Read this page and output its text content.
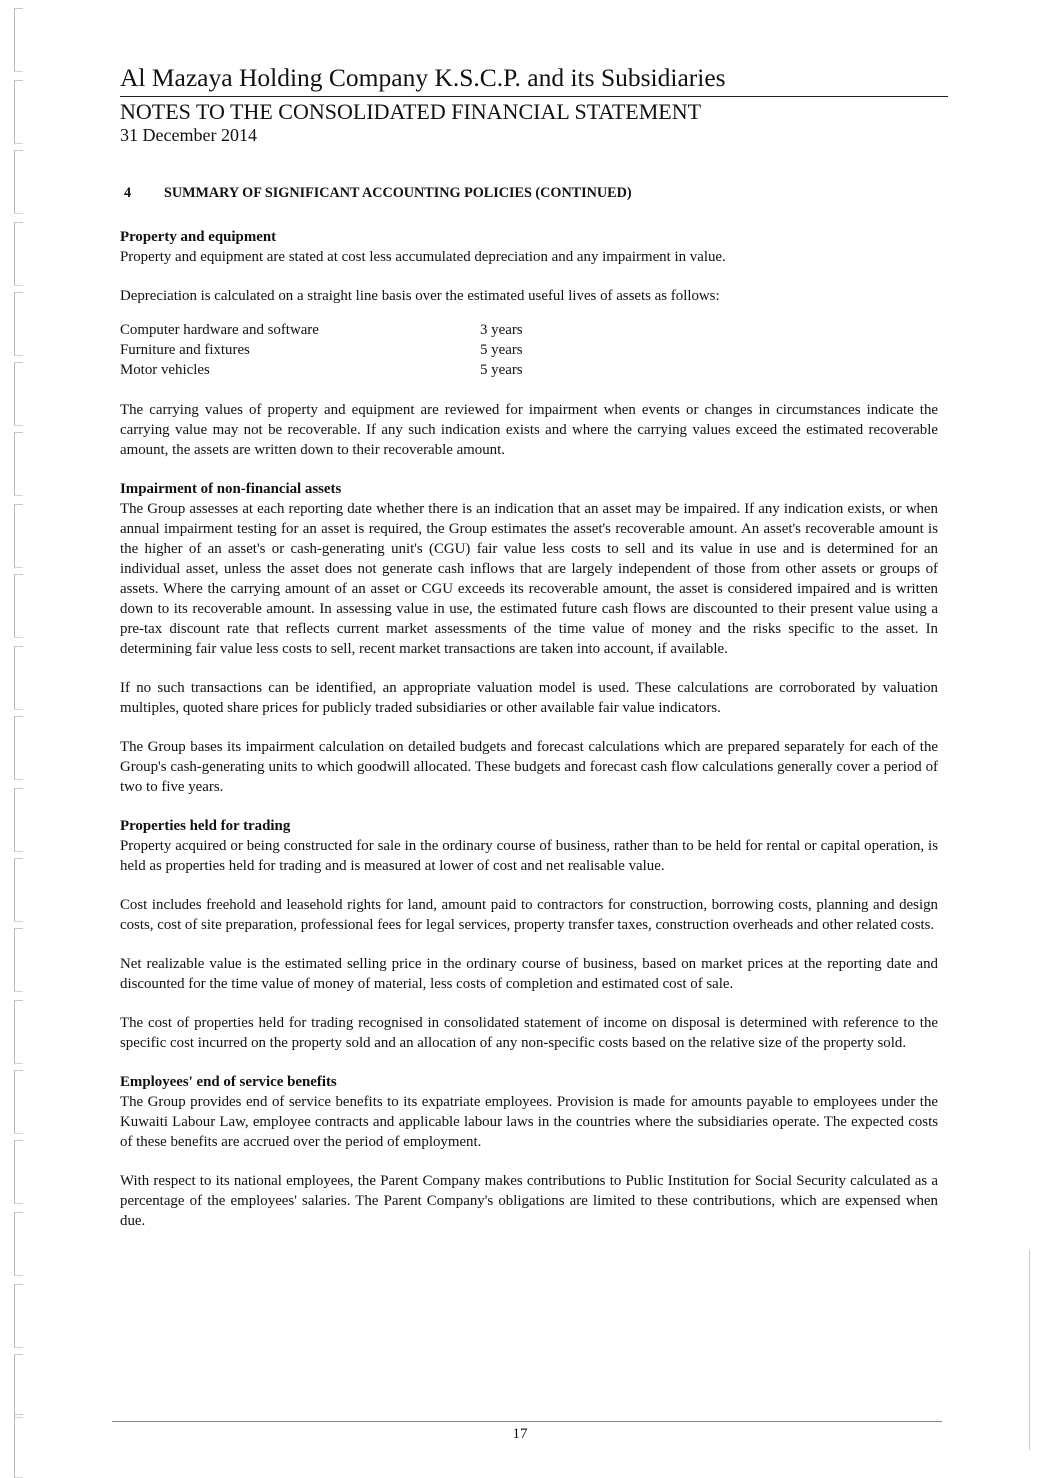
Al Mazaya Holding Company K.S.C.P. and its Subsidiaries
NOTES TO THE CONSOLIDATED FINANCIAL STATEMENT
31 December 2014
4	SUMMARY OF SIGNIFICANT ACCOUNTING POLICIES (CONTINUED)
Property and equipment

Property and equipment are stated at cost less accumulated depreciation and any impairment in value.

Depreciation is calculated on a straight line basis over the estimated useful lives of assets as follows:

Computer hardware and software	3 years
Furniture and fixtures	5 years
Motor vehicles	5 years

The carrying values of property and equipment are reviewed for impairment when events or changes in circumstances indicate the carrying value may not be recoverable. If any such indication exists and where the carrying values exceed the estimated recoverable amount, the assets are written down to their recoverable amount.

Impairment of non-financial assets

The Group assesses at each reporting date whether there is an indication that an asset may be impaired. If any indication exists, or when annual impairment testing for an asset is required, the Group estimates the asset's recoverable amount. An asset's recoverable amount is the higher of an asset's or cash-generating unit's (CGU) fair value less costs to sell and its value in use and is determined for an individual asset, unless the asset does not generate cash inflows that are largely independent of those from other assets or groups of assets. Where the carrying amount of an asset or CGU exceeds its recoverable amount, the asset is considered impaired and is written down to its recoverable amount. In assessing value in use, the estimated future cash flows are discounted to their present value using a pre-tax discount rate that reflects current market assessments of the time value of money and the risks specific to the asset. In determining fair value less costs to sell, recent market transactions are taken into account, if available.

If no such transactions can be identified, an appropriate valuation model is used. These calculations are corroborated by valuation multiples, quoted share prices for publicly traded subsidiaries or other available fair value indicators.

The Group bases its impairment calculation on detailed budgets and forecast calculations which are prepared separately for each of the Group's cash-generating units to which goodwill allocated. These budgets and forecast cash flow calculations generally cover a period of two to five years.

Properties held for trading

Property acquired or being constructed for sale in the ordinary course of business, rather than to be held for rental or capital operation, is held as properties held for trading and is measured at lower of cost and net realisable value.

Cost includes freehold and leasehold rights for land, amount paid to contractors for construction, borrowing costs, planning and design costs, cost of site preparation, professional fees for legal services, property transfer taxes, construction overheads and other related costs.

Net realizable value is the estimated selling price in the ordinary course of business, based on market prices at the reporting date and discounted for the time value of money of material, less costs of completion and estimated cost of sale.

The cost of properties held for trading recognised in consolidated statement of income on disposal is determined with reference to the specific cost incurred on the property sold and an allocation of any non-specific costs based on the relative size of the property sold.

Employees' end of service benefits

The Group provides end of service benefits to its expatriate employees. Provision is made for amounts payable to employees under the Kuwaiti Labour Law, employee contracts and applicable labour laws in the countries where the subsidiaries operate. The expected costs of these benefits are accrued over the period of employment.

With respect to its national employees, the Parent Company makes contributions to Public Institution for Social Security calculated as a percentage of the employees' salaries. The Parent Company's obligations are limited to these contributions, which are expensed when due.

17
